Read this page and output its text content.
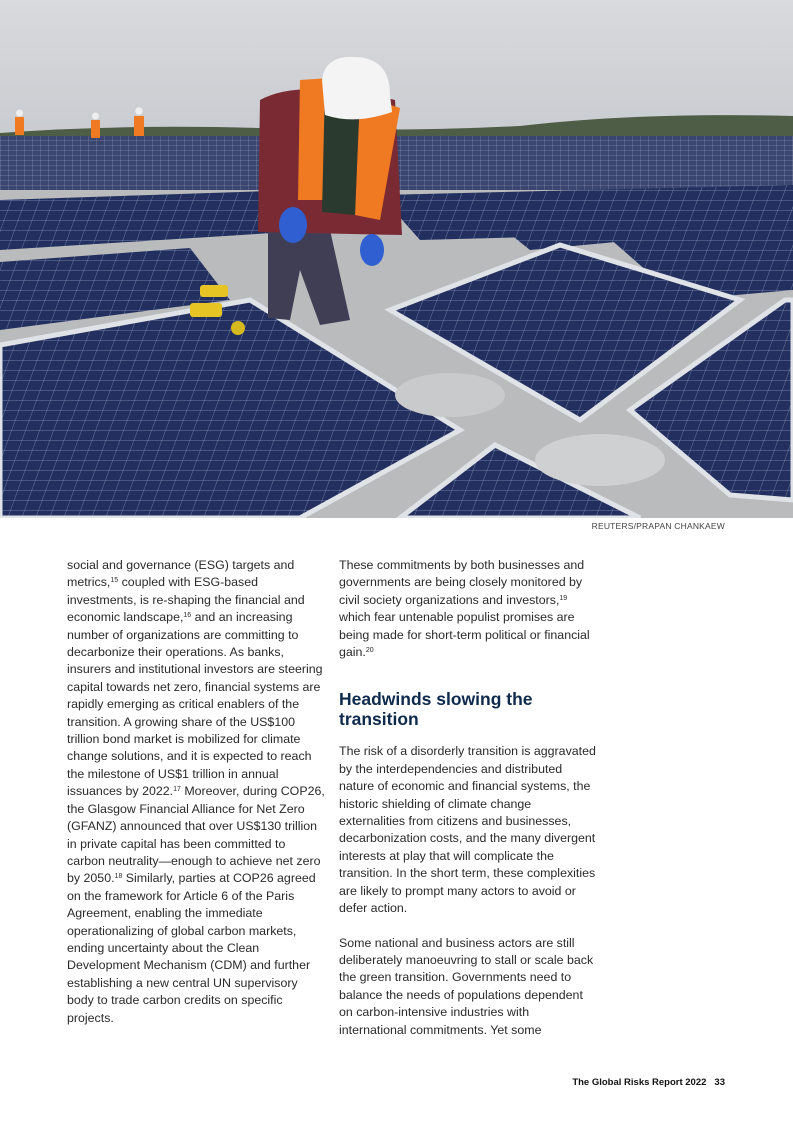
REUTERS/PRAPAN CHANKAEW

social and governance (ESG) targets and metrics,$^{15}$ coupled with ESG-based investments, is re-shaping the financial and economic landscape,$^{16}$ and an increasing number of organizations are committing to decarbonize their operations. As banks, insurers and institutional investors are steering capital towards net zero, financial systems are rapidly emerging as critical enablers of the transition. A growing share of the US$100 trillion bond market is mobilized for climate change solutions, and it is expected to reach the milestone of US$1 trillion in annual issuances by 2022.17 Moreover, during COP26, the Glasgow Financial Alliance for Net Zero (GFANZ) announced that over US$130 trillion in private capital has been committed to carbon neutrality—enough to achieve net zero by 2050.18 Similarly, parties at COP26 agreed on the framework for Article 6 of the Paris Agreement, enabling the immediate operationalizing of global carbon markets, ending uncertainty about the Clean Development Mechanism (CDM) and further establishing a new central UN supervisory body to trade carbon credits on specific projects.

These commitments by both businesses and governments are being closely monitored by civil society organizations and investors,$^{19}$ which fear untenable populist promises are being made for short-term political or financial gain.$^{20}$

Headwinds slowing the transition

The risk of a disorderly transition is aggravated by the interdependencies and distributed nature of economic and financial systems, the historic shielding of climate change externalities from citizens and businesses, decarbonization costs, and the many divergent interests at play that will complicate the transition. In the short term, these complexities are likely to prompt many actors to avoid or defer action.

Some national and business actors are still deliberately manoeuvring to stall or scale back the green transition. Governments need to balance the needs of populations dependent on carbon-intensive industries with international commitments. Yet some

The Global Risks Report 2022 33
